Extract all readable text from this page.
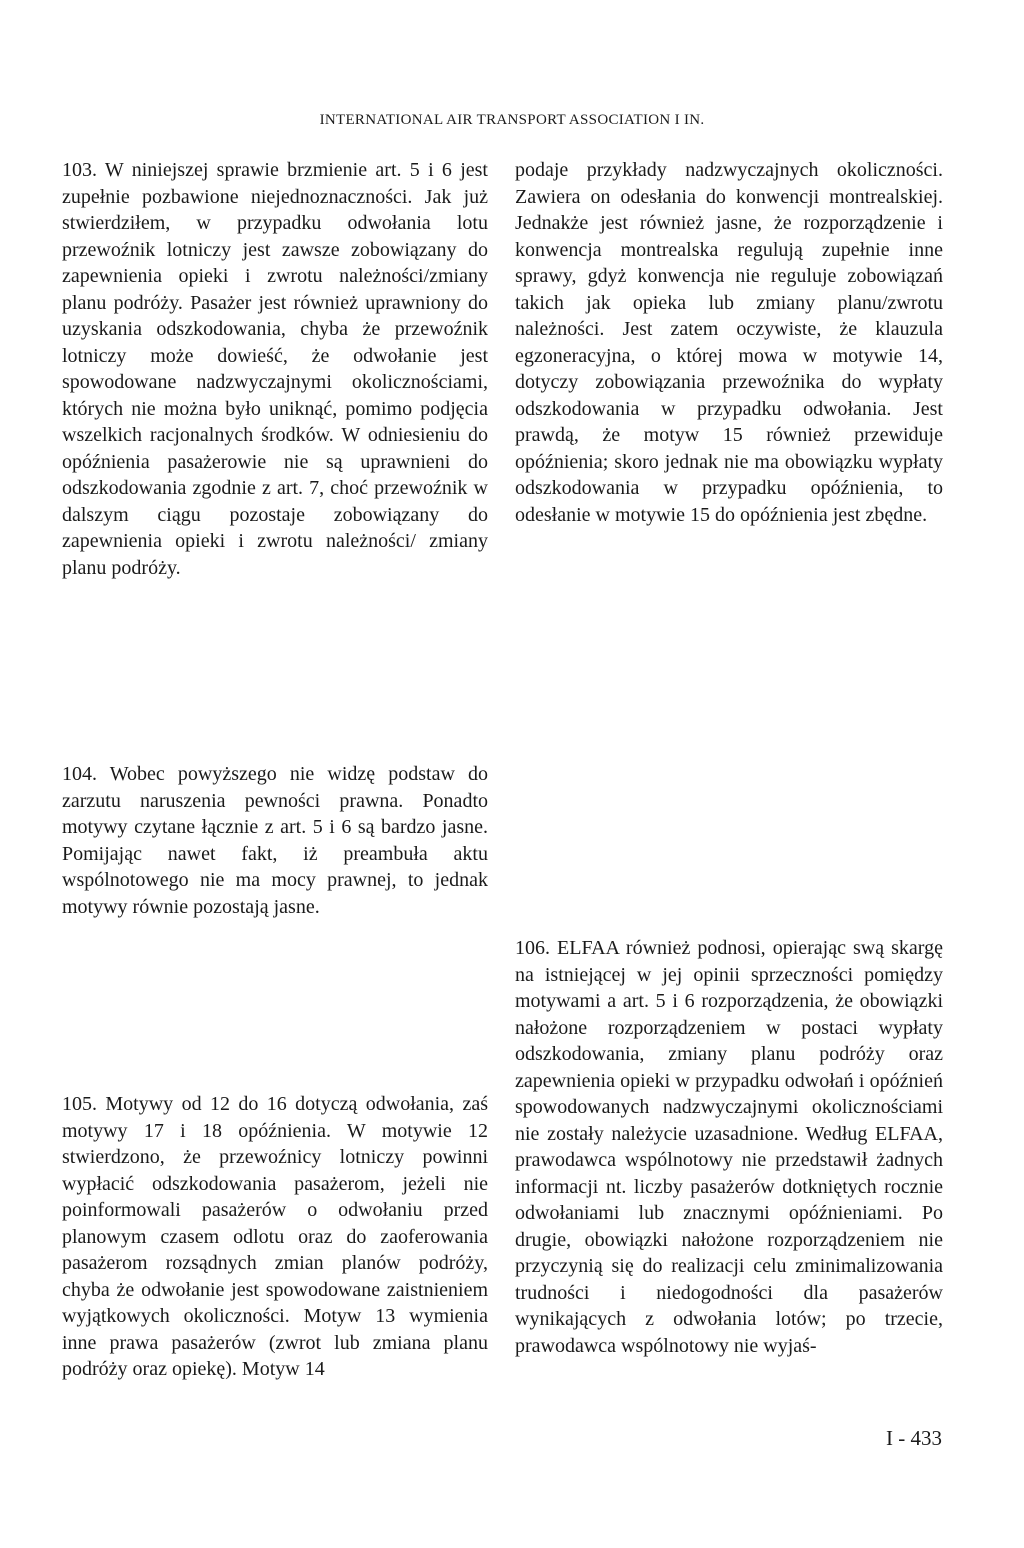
INTERNATIONAL AIR TRANSPORT ASSOCIATION I IN.

103. W niniejszej sprawie brzmienie art. 5 i 6 jest zupełnie pozbawione niejednoznaczności. Jak już stwierdziłem, w przypadku odwołania lotu przewoźnik lotniczy jest zawsze zobowiązany do zapewnienia opieki i zwrotu należności/zmiany planu podróży. Pasażer jest również uprawniony do uzyskania odszkodowania, chyba że przewoźnik lotniczy może dowieść, że odwołanie jest spowodowane nadzwyczajnymi okolicznościami, których nie można było uniknąć, pomimo podjęcia wszelkich racjonalnych środków. W odniesieniu do opóźnienia pasażerowie nie są uprawnieni do odszkodowania zgodnie z art. 7, choć przewoźnik w dalszym ciągu pozostaje zobowiązany do zapewnienia opieki i zwrotu należności/ zmiany planu podróży.

104. Wobec powyższego nie widzę podstaw do zarzutu naruszenia pewności prawna. Ponadto motywy czytane łącznie z art. 5 i 6 są bardzo jasne. Pomijając nawet fakt, iż preambuła aktu wspólnotowego nie ma mocy prawnej, to jednak motywy równie pozostają jasne.

105. Motywy od 12 do 16 dotyczą odwołania, zaś motywy 17 i 18 opóźnienia. W motywie 12 stwierdzono, że przewoźnicy lotniczy powinni wypłacić odszkodowania pasażerom, jeżeli nie poinformowali pasażerów o odwołaniu przed planowym czasem odlotu oraz do zaoferowania pasażerom rozsądnych zmian planów podróży, chyba że odwołanie jest spowodowane zaistnieniem wyjątkowych okoliczności. Motyw 13 wymienia inne prawa pasażerów (zwrot lub zmiana planu podróży oraz opiekę). Motyw 14

podaje przykłady nadzwyczajnych okoliczności. Zawiera on odesłania do konwencji montrealskiej. Jednakże jest również jasne, że rozporządzenie i konwencja montrealska regulują zupełnie inne sprawy, gdyż konwencja nie reguluje zobowiązań takich jak opieka lub zmiany planu/zwrotu należności. Jest zatem oczywiste, że klauzula egzoneracyjna, o której mowa w motywie 14, dotyczy zobowiązania przewoźnika do wypłaty odszkodowania w przypadku odwołania. Jest prawdą, że motyw 15 również przewiduje opóźnienia; skoro jednak nie ma obowiązku wypłaty odszkodowania w przypadku opóźnienia, to odesłanie w motywie 15 do opóźnienia jest zbędne.

106. ELFAA również podnosi, opierając swą skargę na istniejącej w jej opinii sprzeczności pomiędzy motywami a art. 5 i 6 rozporządzenia, że obowiązki nałożone rozporządzeniem w postaci wypłaty odszkodowania, zmiany planu podróży oraz zapewnienia opieki w przypadku odwołań i opóźnień spowodowanych nadzwyczajnymi okolicznościami nie zostały należycie uzasadnione. Według ELFAA, prawodawca wspólnotowy nie przedstawił żadnych informacji nt. liczby pasażerów dotkniętych rocznie odwołaniami lub znacznymi opóźnieniami. Po drugie, obowiązki nałożone rozporządzeniem nie przyczynią się do realizacji celu zminimalizowania trudności i niedogodności dla pasażerów wynikających z odwołania lotów; po trzecie, prawodawca wspólnotowy nie wyjaś-

I - 433
